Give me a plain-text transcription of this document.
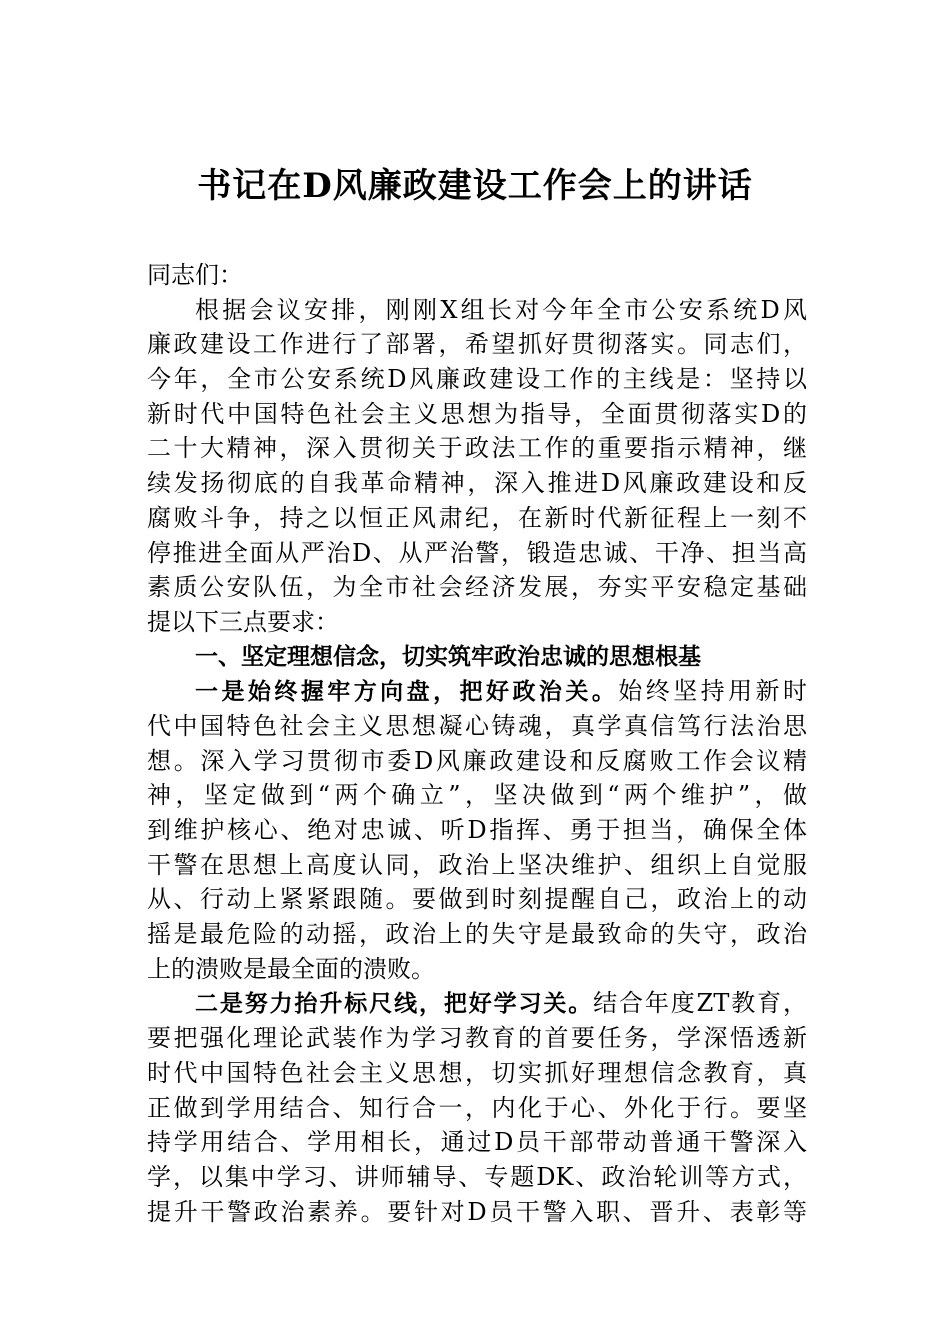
书记在D风廉政建设工作会上的讲话
同志们：
根据会议安排，刚刚X组长对今年全市公安系统D风
廉政建设工作进行了部署，希望抓好贯彻落实。同志们，
今年，全市公安系统D风廉政建设工作的主线是：坚持以
新时代中国特色社会主义思想为指导，全面贯彻落实D的
二十大精神，深入贯彻关于政法工作的重要指示精神，继
续发扬彻底的自我革命精神，深入推进D风廉政建设和反
腐败斗争，持之以恒正风肃纪，在新时代新征程上一刻不
停推进全面从严治D、从严治警，锻造忠诚、干净、担当高
素质公安队伍，为全市社会经济发展，夯实平安稳定基础
提以下三点要求：
一、坚定理想信念，切实筑牢政治忠诚的思想根基
一是始终握牢方向盘，把好政治关。始终坚持用新时
代中国特色社会主义思想凝心铸魂，真学真信笃行法治思
想。深入学习贯彻市委D风廉政建设和反腐败工作会议精
神，坚定做到“两个确立”，坚决做到“两个维护”，做
到维护核心、绝对忠诚、听D指挥、勇于担当，确保全体
干警在思想上高度认同，政治上坚决维护、组织上自觉服
从、行动上紧紧跟随。要做到时刻提醒自己，政治上的动
摇是最危险的动摇，政治上的失守是最致命的失守，政治
上的溃败是最全面的溃败。
二是努力抬升标尺线，把好学习关。结合年度ZT教育，
要把强化理论武装作为学习教育的首要任务，学深悟透新
时代中国特色社会主义思想，切实抓好理想信念教育，真
正做到学用结合、知行合一，内化于心、外化于行。要坚
持学用结合、学用相长，通过D员干部带动普通干警深入
学，以集中学习、讲师辅导、专题DK、政治轮训等方式，
提升干警政治素养。要针对D员干警入职、晋升、表彰等
